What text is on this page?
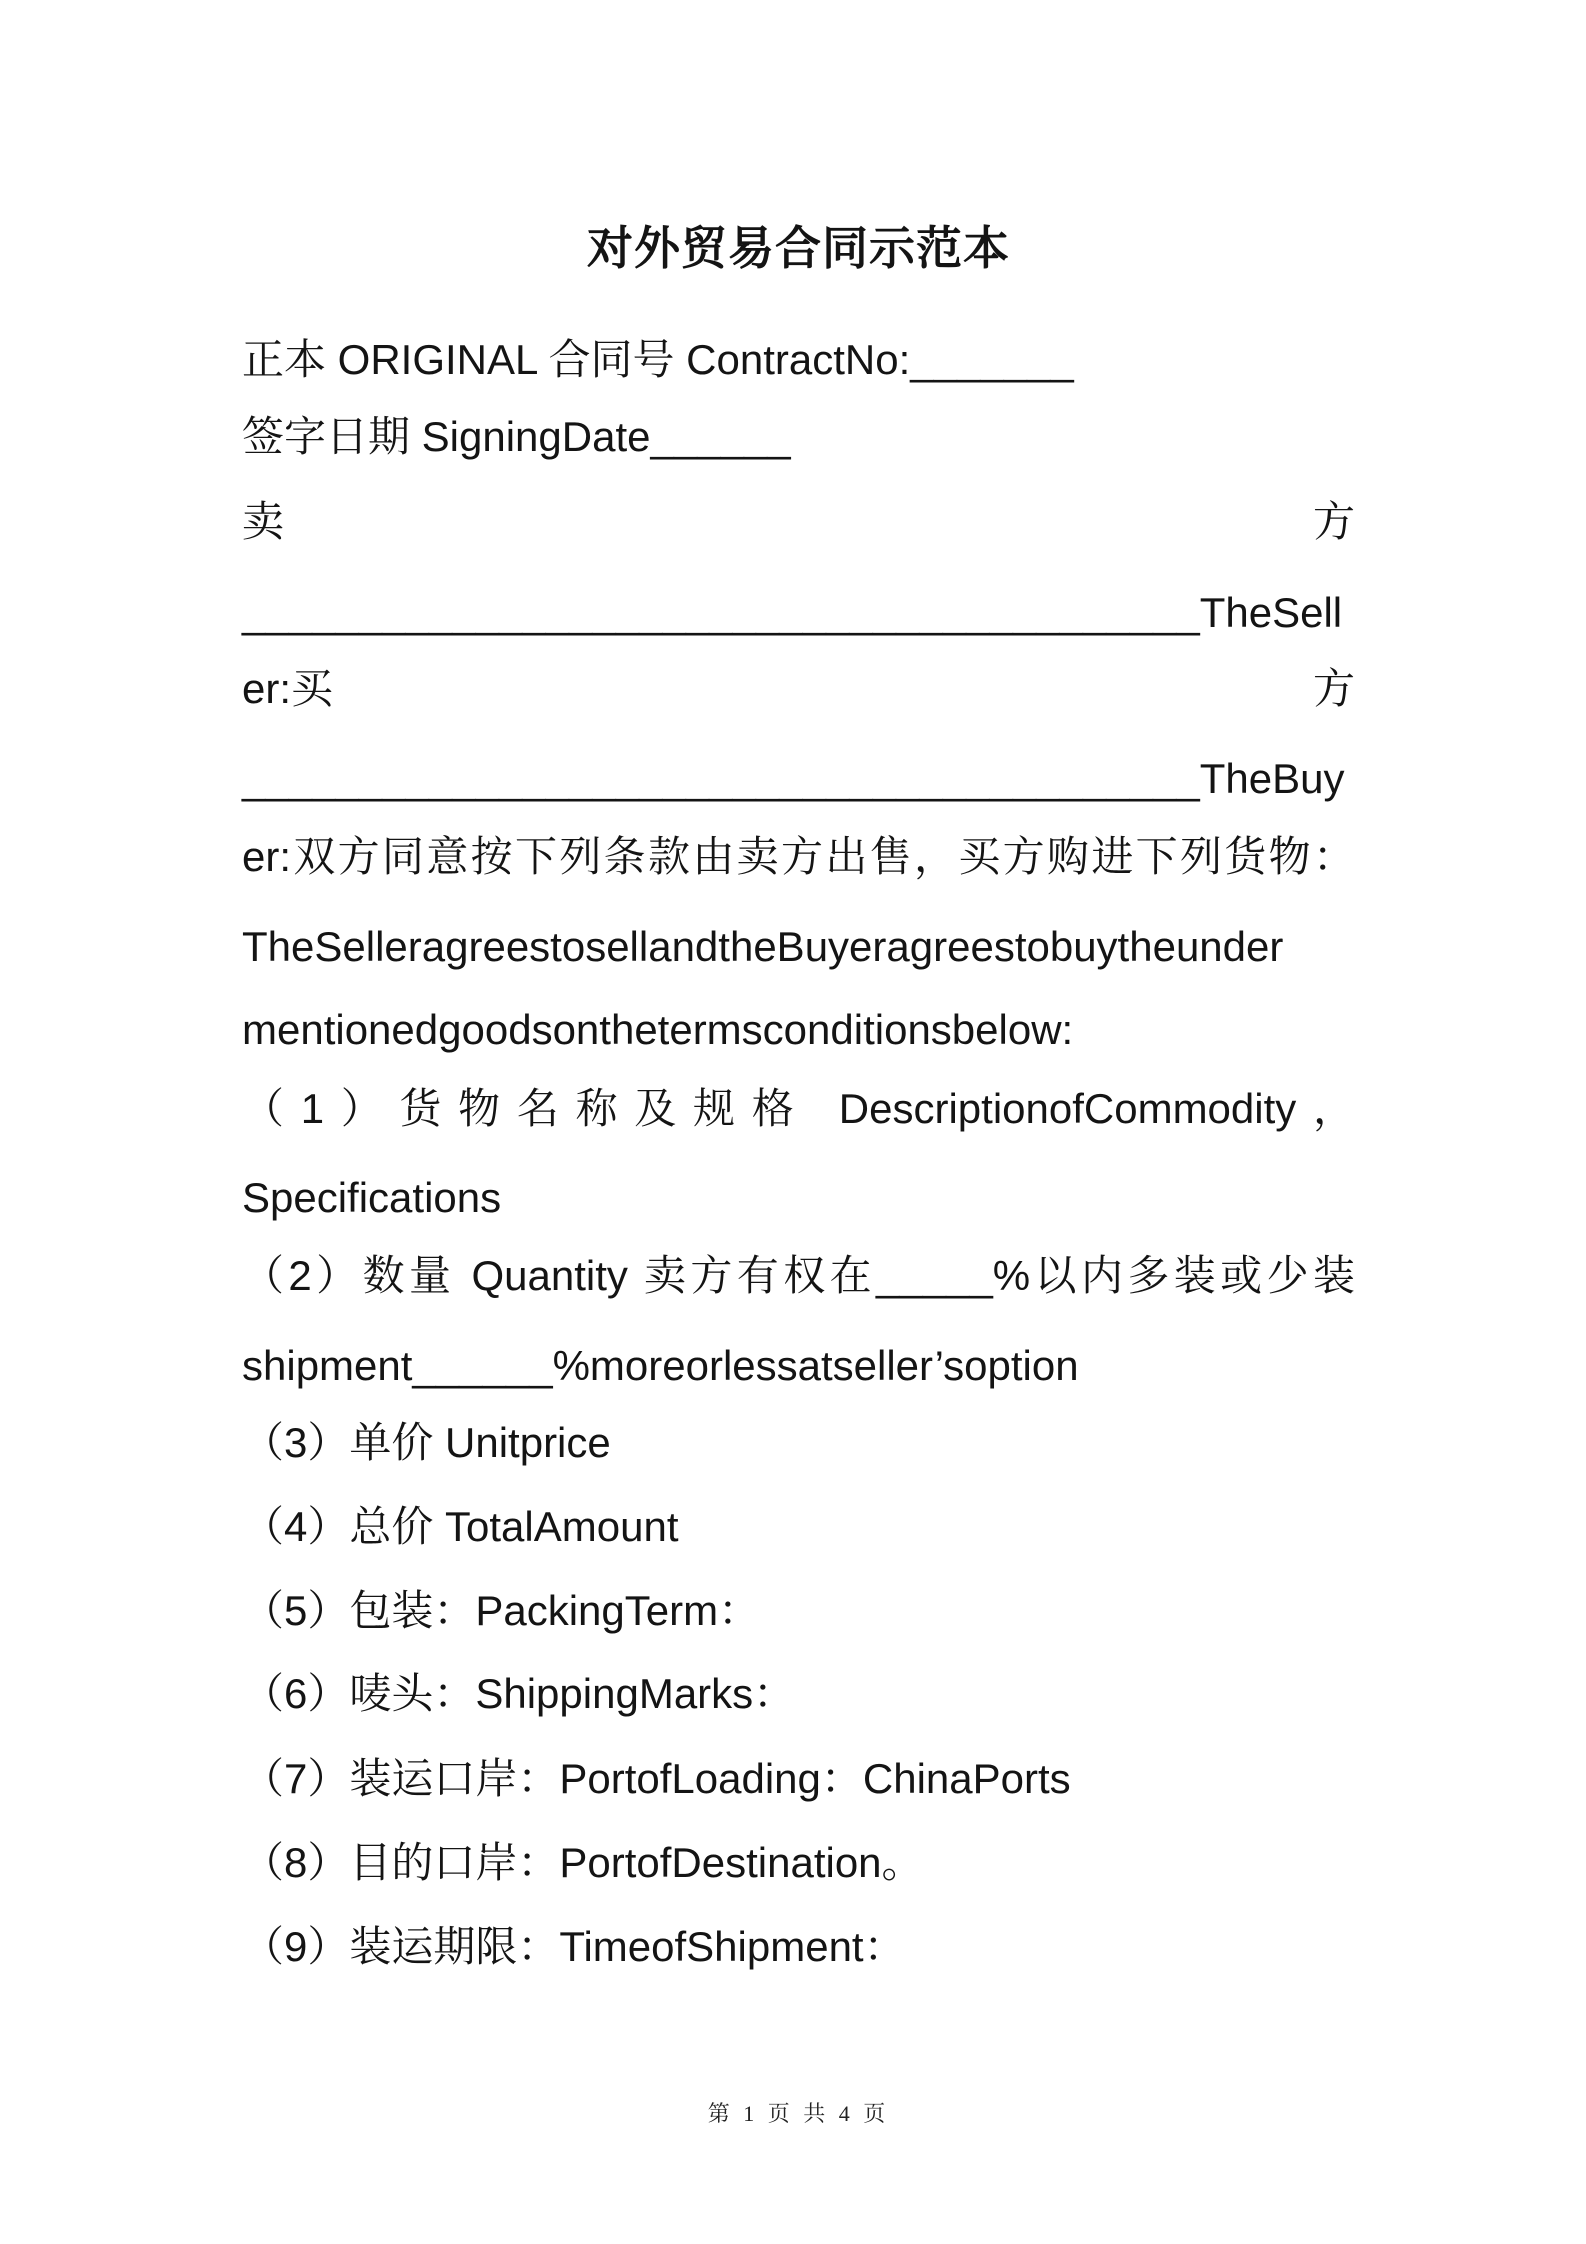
对外贸易合同示范本
正本 ORIGINAL 合同号 ContractNo:_______
签字日期 SigningDate______
卖	方
_________________________________________TheSell
er:买	方
_________________________________________TheBuy
er:双方同意按下列条款由卖方出售，买方购进下列货物：
TheSelleragreestosellandtheBuyeragreestobuytheunder
mentionedgoodsonthetermsconditionsbelow:
（1）货物名称及规格 DescriptionofCommodity，
Specifications
（2）数量 Quantity 卖方有权在_____%以内多装或少装
shipment______%moreorlessatseller’soption
（3）单价 Unitprice
（4）总价 TotalAmount
（5）包装：PackingTerm：
（6）唛头：ShippingMarks：
（7）装运口岸：PortofLoading：ChinaPorts
（8）目的口岸：PortofDestination。
（9）装运期限：TimeofShipment：
第 1 页 共 4 页
